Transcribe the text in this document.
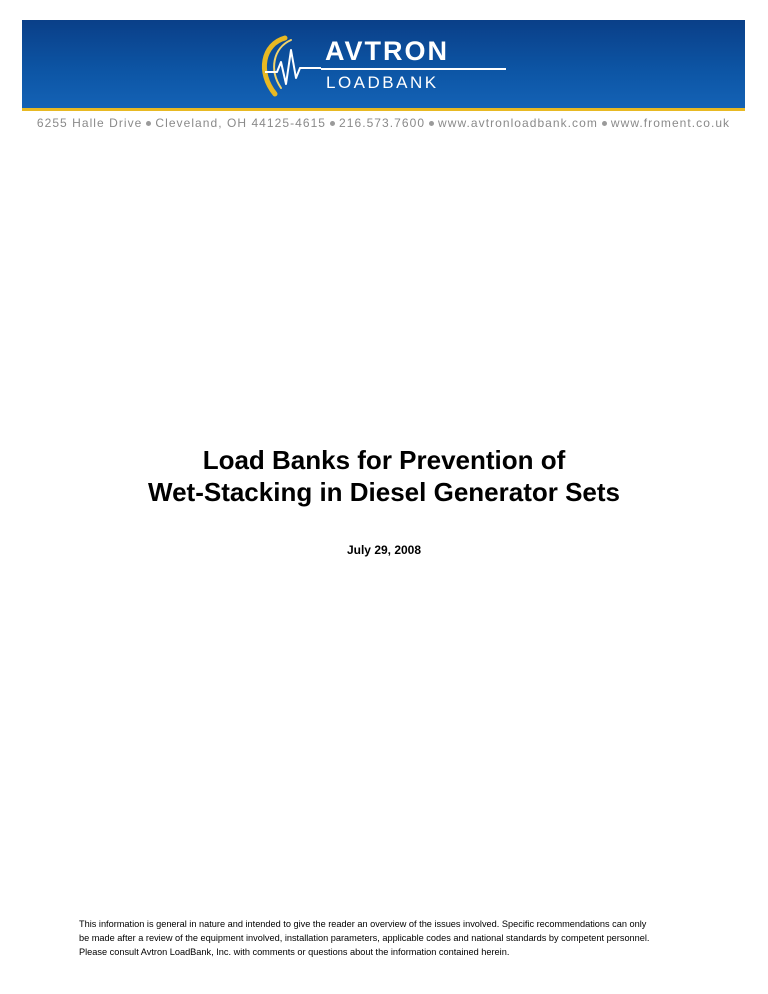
AVTRON
LOADBANK
6255 Halle Drive Cleveland, OH 44125-4615 216.573.7600 www.avtronloadbank.com www.froment.co.uk
Load Banks for Prevention of
Wet-Stacking in Diesel Generator Sets
July 29, 2008
This information is general in nature and intended to give the reader an overview of the issues involved. Specific recommendations can only
be made after a review of the equipment involved, installation parameters, applicable codes and national standards by competent personnel.
Please consult Avtron LoadBank, Inc. with comments or questions about the information contained herein.
